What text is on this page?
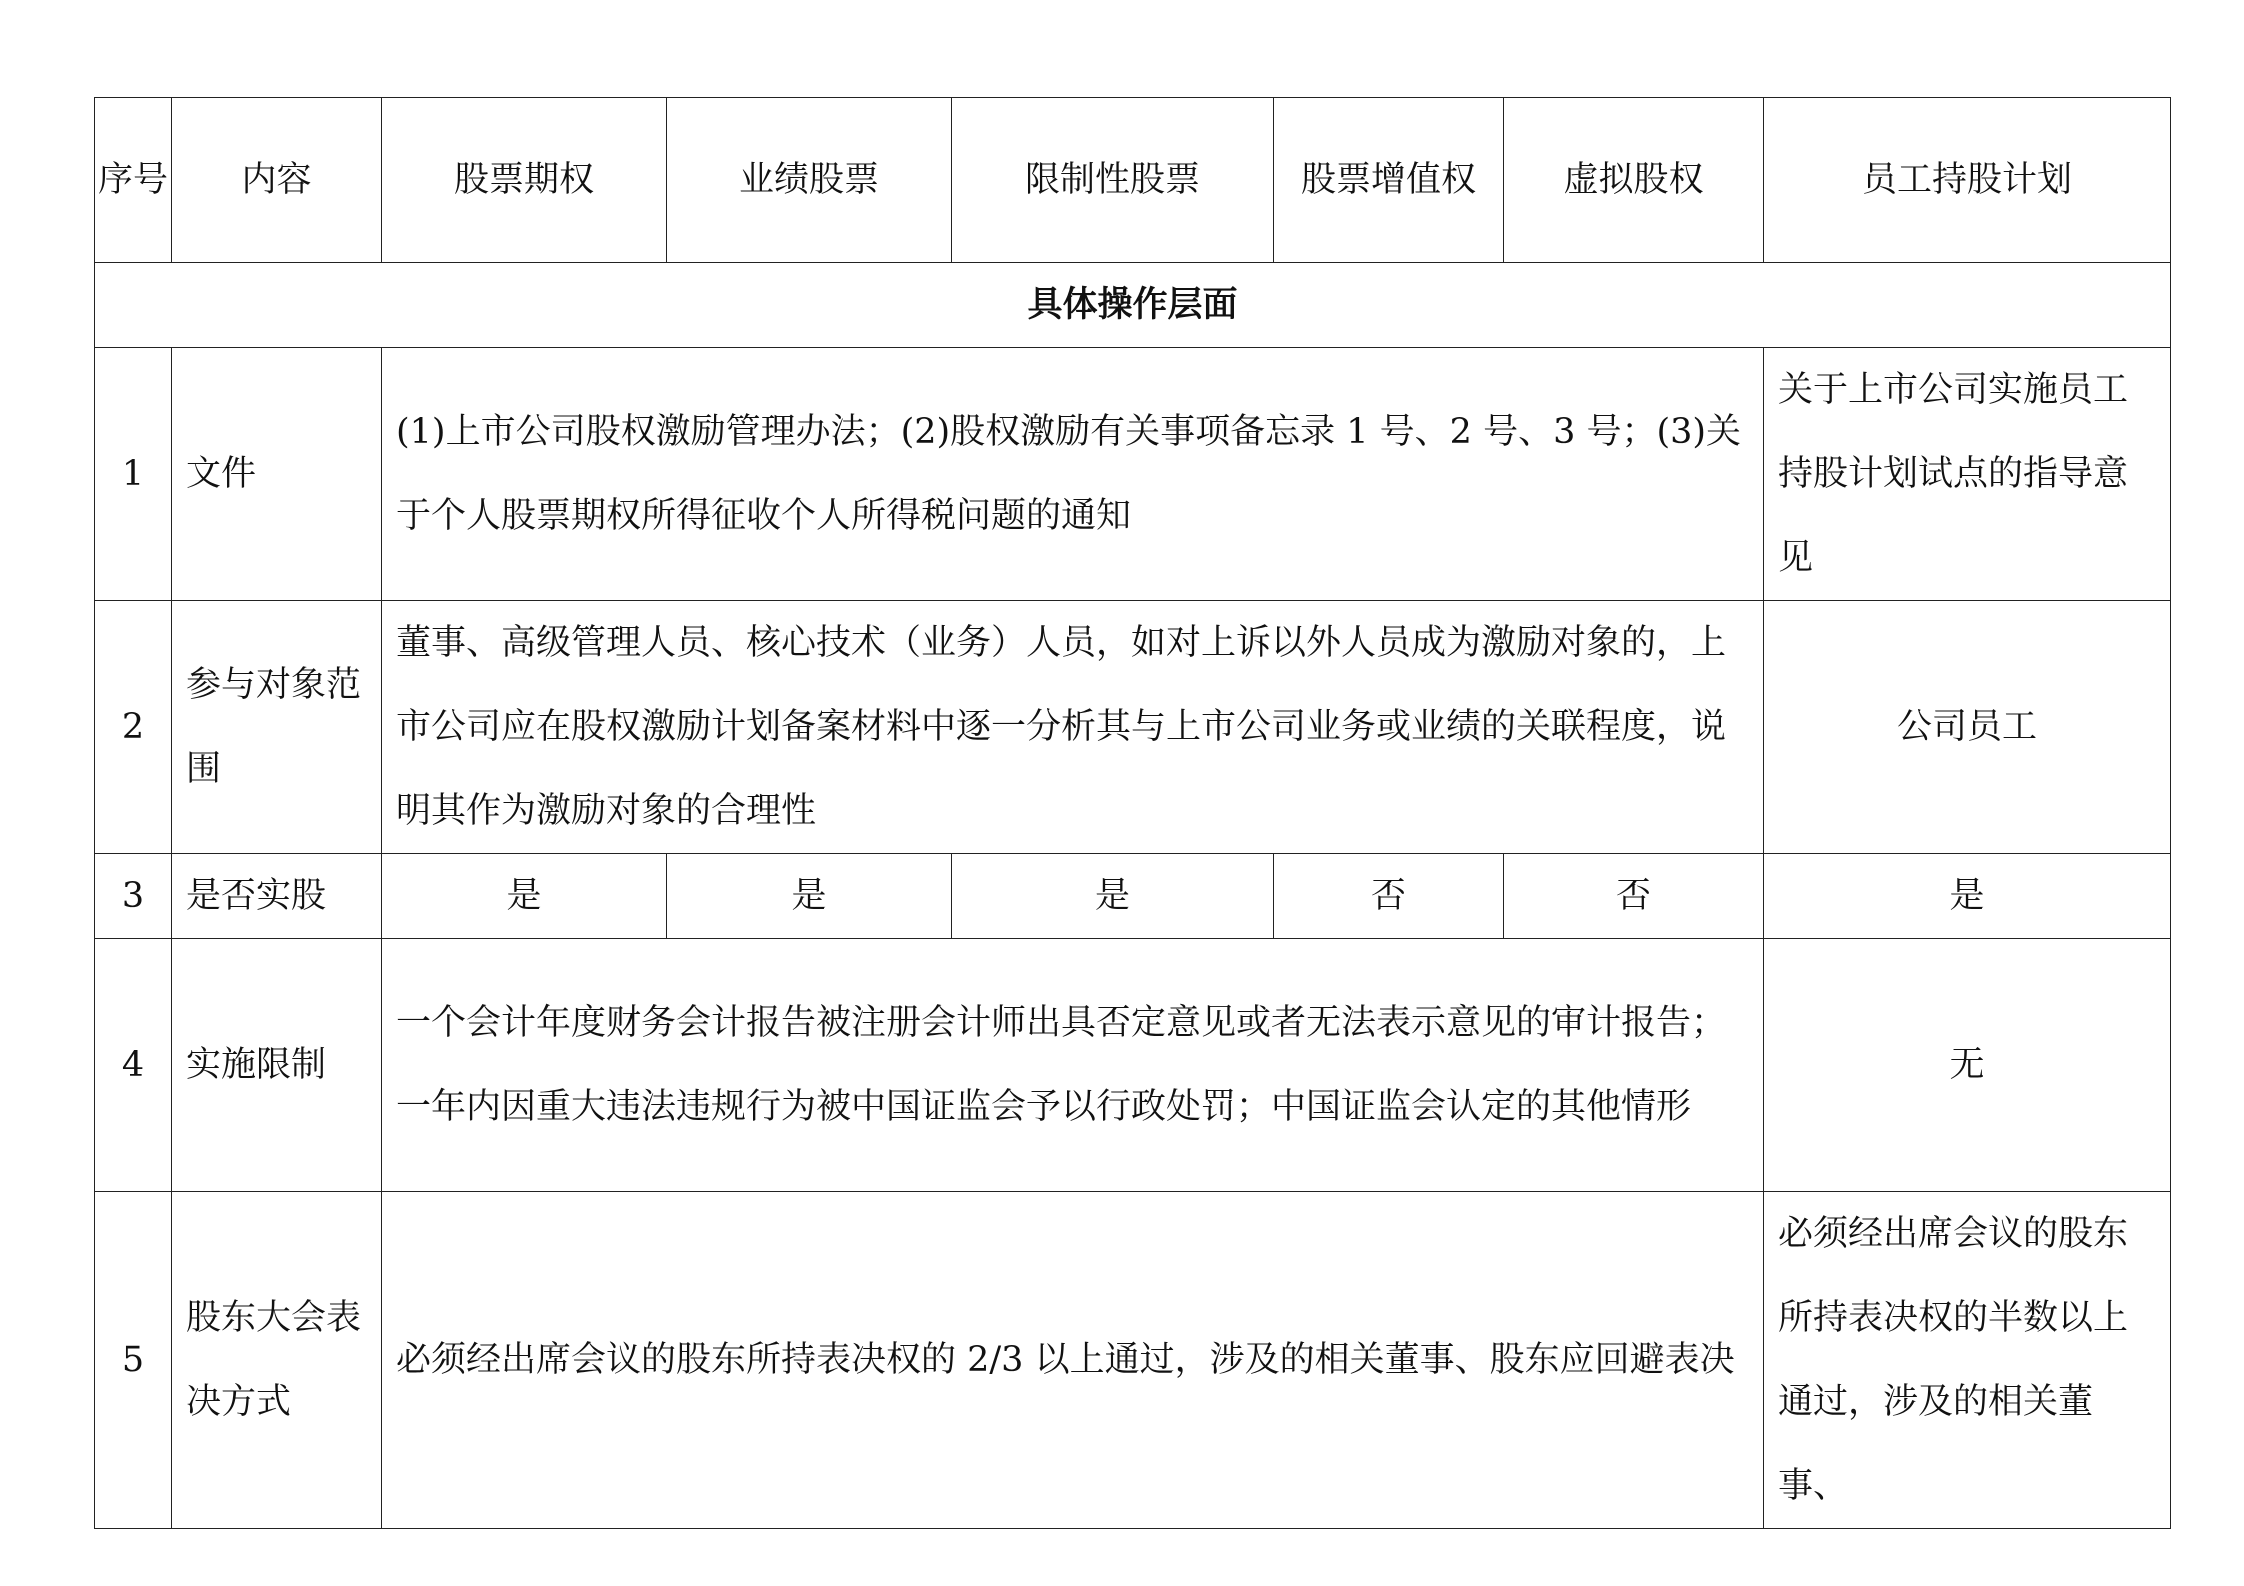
序号	内容	股票期权	业绩股票	限制性股票	股票增值权	虚拟股权	员工持股计划
具体操作层面							
1	文件	(1)上市公司股权激励管理办法；(2)股权激励有关事项备忘录 1 号、2 号、3 号；(3)关于个人股票期权所得征收个人所得税问题的通知					关于上市公司实施员工持股计划试点的指导意见
2	参与对象范围	董事、高级管理人员、核心技术（业务）人员，如对上诉以外人员成为激励对象的，上市公司应在股权激励计划备案材料中逐一分析其与上市公司业务或业绩的关联程度，说明其作为激励对象的合理性					公司员工
3	是否实股	是	是	是	否	否	是
4	实施限制	一个会计年度财务会计报告被注册会计师出具否定意见或者无法表示意见的审计报告；一年内因重大违法违规行为被中国证监会予以行政处罚；中国证监会认定的其他情形					无
5	股东大会表决方式	必须经出席会议的股东所持表决权的 2/3 以上通过，涉及的相关董事、股东应回避表决					必须经出席会议的股东所持表决权的半数以上通过，涉及的相关董事、
